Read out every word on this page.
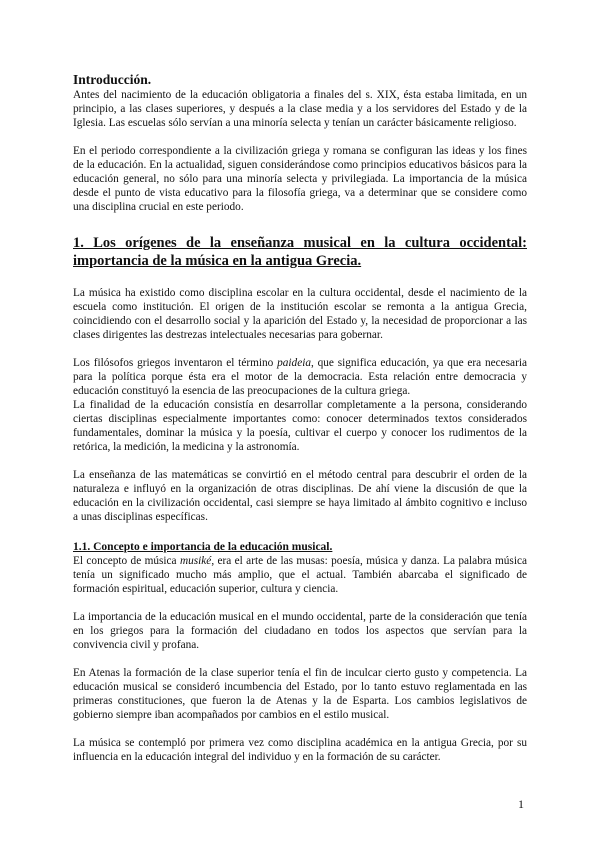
Introducción.

Antes del nacimiento de la educación obligatoria a finales del s. XIX, ésta estaba limitada, en un principio, a las clases superiores, y después a la clase media y a los servidores del Estado y de la Iglesia. Las escuelas sólo servían a una minoría selecta y tenían un carácter básicamente religioso.

En el periodo correspondiente a la civilización griega y romana se configuran las ideas y los fines de la educación. En la actualidad, siguen considerándose como principios educativos básicos para la educación general, no sólo para una minoría selecta y privilegiada. La importancia de la música desde el punto de vista educativo para la filosofía griega, va a determinar que se considere como una disciplina crucial en este periodo.

1. Los orígenes de la enseñanza musical en la cultura occidental: importancia de la música en la antigua Grecia.

La música ha existido como disciplina escolar en la cultura occidental, desde el nacimiento de la escuela como institución. El origen de la institución escolar se remonta a la antigua Grecia, coincidiendo con el desarrollo social y la aparición del Estado y, la necesidad de proporcionar a las clases dirigentes las destrezas intelectuales necesarias para gobernar.

Los filósofos griegos inventaron el término paideia, que significa educación, ya que era necesaria para la política porque ésta era el motor de la democracia. Esta relación entre democracia y educación constituyó la esencia de las preocupaciones de la cultura griega.

La finalidad de la educación consistía en desarrollar completamente a la persona, considerando ciertas disciplinas especialmente importantes como: conocer determinados textos considerados fundamentales, dominar la música y la poesía, cultivar el cuerpo y conocer los rudimentos de la retórica, la medición, la medicina y la astronomía.

La enseñanza de las matemáticas se convirtió en el método central para descubrir el orden de la naturaleza e influyó en la organización de otras disciplinas. De ahí viene la discusión de que la educación en la civilización occidental, casi siempre se haya limitado al ámbito cognitivo e incluso a unas disciplinas específicas.

1.1. Concepto e importancia de la educación musical.

El concepto de música musiké, era el arte de las musas: poesía, música y danza. La palabra música tenía un significado mucho más amplio, que el actual. También abarcaba el significado de formación espiritual, educación superior, cultura y ciencia.

La importancia de la educación musical en el mundo occidental, parte de la consideración que tenía en los griegos para la formación del ciudadano en todos los aspectos que servían para la convivencia civil y profana.

En Atenas la formación de la clase superior tenía el fin de inculcar cierto gusto y competencia. La educación musical se consideró incumbencia del Estado, por lo tanto estuvo reglamentada en las primeras constituciones, que fueron la de Atenas y la de Esparta. Los cambios legislativos de gobierno siempre iban acompañados por cambios en el estilo musical.

La música se contempló por primera vez como disciplina académica en la antigua Grecia, por su influencia en la educación integral del individuo y en la formación de su carácter.

1
